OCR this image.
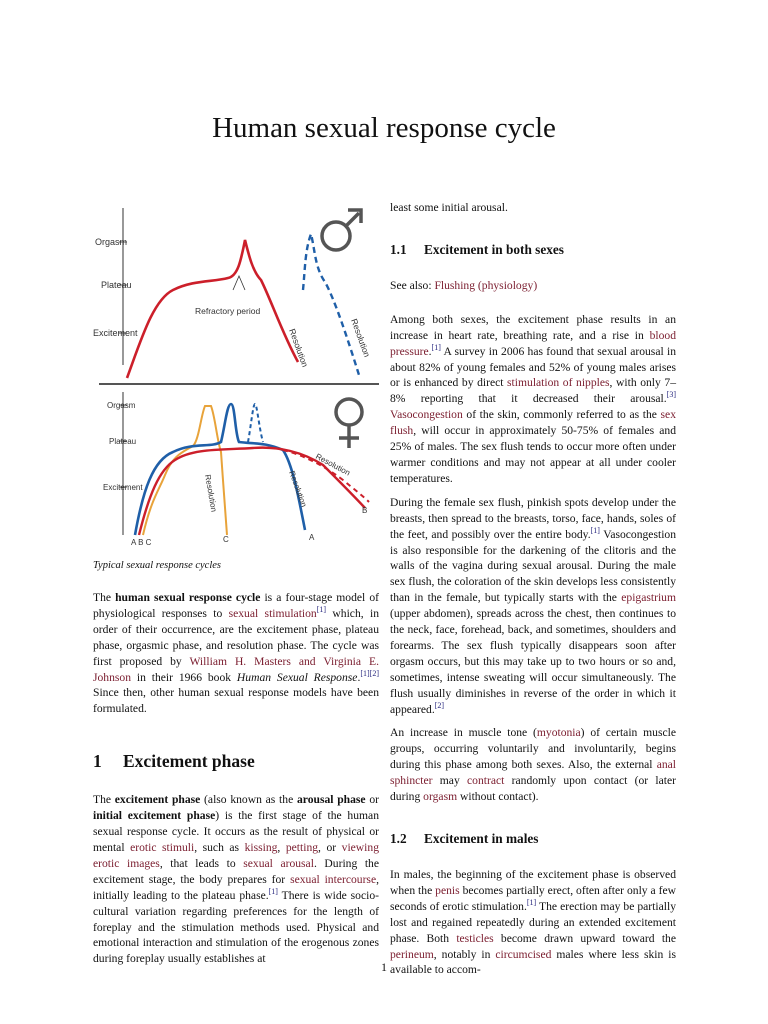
Human sexual response cycle
Orgasm
Plateau
Excitement
Refractory period
Resolution	Resolution
Orgasm
Plateau
Excitement	Resolution	Resolution
Resolution
A B C	C	A
B

Typical sexual response cycles

The human sexual response cycle is a four-stage model of physiological responses to sexual stimulation[1] which, in order of their occurrence, are the excitement phase, plateau phase, orgasmic phase, and resolution phase. The cycle was first proposed by William H. Masters and Virginia E. Johnson in their 1966 book Human Sexual Response.[1][2] Since then, other human sexual response models have been formulated.

1 Excitement phase

The excitement phase (also known as the arousal phase or initial excitement phase) is the first stage of the human sexual response cycle. It occurs as the result of physical or mental erotic stimuli, such as kissing, petting, or viewing erotic images, that leads to sexual arousal. During the excitement stage, the body prepares for sexual intercourse, initially leading to the plateau phase.[1] There is wide socio-cultural variation regarding preferences for the length of foreplay and the stimulation methods used. Physical and emotional interaction and stimulation of the erogenous zones during foreplay usually establishes at

least some initial arousal.

1.1 Excitement in both sexes

See also: Flushing (physiology)

Among both sexes, the excitement phase results in an increase in heart rate, breathing rate, and a rise in blood pressure.[1] A survey in 2006 has found that sexual arousal in about 82% of young females and 52% of young males arises or is enhanced by direct stimulation of nipples, with only 7–8% reporting that it decreased their arousal.[3] Vasocongestion of the skin, commonly referred to as the sex flush, will occur in approximately 50-75% of females and 25% of males. The sex flush tends to occur more often under warmer conditions and may not appear at all under cooler temperatures.

During the female sex flush, pinkish spots develop under the breasts, then spread to the breasts, torso, face, hands, soles of the feet, and possibly over the entire body.[1] Vasocongestion is also responsible for the darkening of the clitoris and the walls of the vagina during sexual arousal. During the male sex flush, the coloration of the skin develops less consistently than in the female, but typically starts with the epigastrium (upper abdomen), spreads across the chest, then continues to the neck, face, forehead, back, and sometimes, shoulders and forearms. The sex flush typically disappears soon after orgasm occurs, but this may take up to two hours or so and, sometimes, intense sweating will occur simultaneously. The flush usually diminishes in reverse of the order in which it appeared.[2]

An increase in muscle tone (myotonia) of certain muscle groups, occurring voluntarily and involuntarily, begins during this phase among both sexes. Also, the external anal sphincter may contract randomly upon contact (or later during orgasm without contact).

1.2 Excitement in males

In males, the beginning of the excitement phase is observed when the penis becomes partially erect, often after only a few seconds of erotic stimulation.[1] The erection may be partially lost and regained repeatedly during an extended excitement phase. Both testicles become drawn upward toward the perineum, notably in circumcised males where less skin is available to accom-

1
